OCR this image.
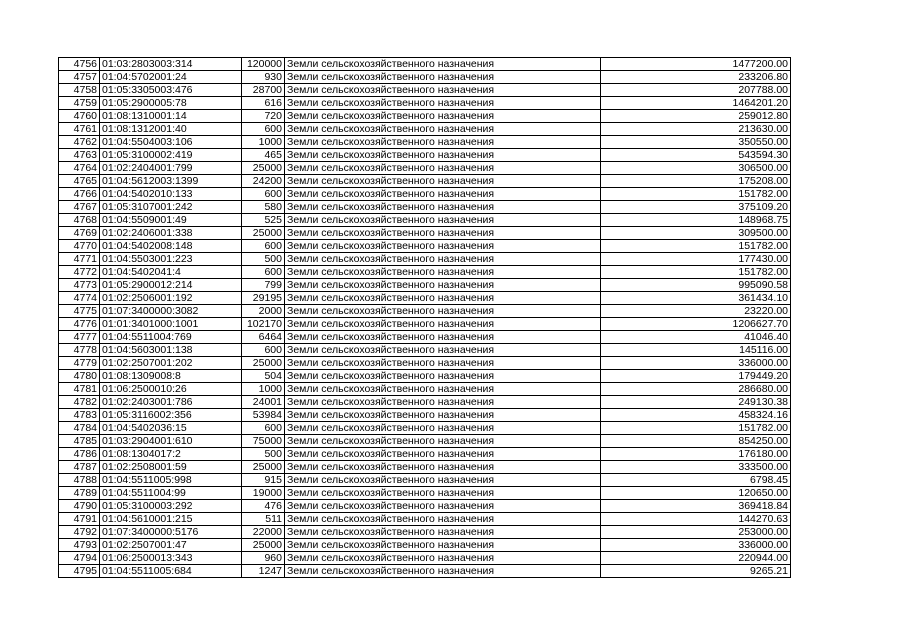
4756	01:03:2803003:314	120000	Земли сельскохозяйственного назначения	1477200.00
4757	01:04:5702001:24	930	Земли сельскохозяйственного назначения	233206.80
4758	01:05:3305003:476	28700	Земли сельскохозяйственного назначения	207788.00
4759	01:05:2900005:78	616	Земли сельскохозяйственного назначения	1464201.20
4760	01:08:1310001:14	720	Земли сельскохозяйственного назначения	259012.80
4761	01:08:1312001:40	600	Земли сельскохозяйственного назначения	213630.00
4762	01:04:5504003:106	1000	Земли сельскохозяйственного назначения	350550.00
4763	01:05:3100002:419	465	Земли сельскохозяйственного назначения	543594.30
4764	01:02:2404001:799	25000	Земли сельскохозяйственного назначения	306500.00
4765	01:04:5612003:1399	24200	Земли сельскохозяйственного назначения	175208.00
4766	01:04:5402010:133	600	Земли сельскохозяйственного назначения	151782.00
4767	01:05:3107001:242	580	Земли сельскохозяйственного назначения	375109.20
4768	01:04:5509001:49	525	Земли сельскохозяйственного назначения	148968.75
4769	01:02:2406001:338	25000	Земли сельскохозяйственного назначения	309500.00
4770	01:04:5402008:148	600	Земли сельскохозяйственного назначения	151782.00
4771	01:04:5503001:223	500	Земли сельскохозяйственного назначения	177430.00
4772	01:04:5402041:4	600	Земли сельскохозяйственного назначения	151782.00
4773	01:05:2900012:214	799	Земли сельскохозяйственного назначения	995090.58
4774	01:02:2506001:192	29195	Земли сельскохозяйственного назначения	361434.10
4775	01:07:3400000:3082	2000	Земли сельскохозяйственного назначения	23220.00
4776	01:01:3401000:1001	102170	Земли сельскохозяйственного назначения	1206627.70
4777	01:04:5511004:769	6464	Земли сельскохозяйственного назначения	41046.40
4778	01:04:5603001:138	600	Земли сельскохозяйственного назначения	145116.00
4779	01:02:2507001:202	25000	Земли сельскохозяйственного назначения	336000.00
4780	01:08:1309008:8	504	Земли сельскохозяйственного назначения	179449.20
4781	01:06:2500010:26	1000	Земли сельскохозяйственного назначения	286680.00
4782	01:02:2403001:786	24001	Земли сельскохозяйственного назначения	249130.38
4783	01:05:3116002:356	53984	Земли сельскохозяйственного назначения	458324.16
4784	01:04:5402036:15	600	Земли сельскохозяйственного назначения	151782.00
4785	01:03:2904001:610	75000	Земли сельскохозяйственного назначения	854250.00
4786	01:08:1304017:2	500	Земли сельскохозяйственного назначения	176180.00
4787	01:02:2508001:59	25000	Земли сельскохозяйственного назначения	333500.00
4788	01:04:5511005:998	915	Земли сельскохозяйственного назначения	6798.45
4789	01:04:5511004:99	19000	Земли сельскохозяйственного назначения	120650.00
4790	01:05:3100003:292	476	Земли сельскохозяйственного назначения	369418.84
4791	01:04:5610001:215	511	Земли сельскохозяйственного назначения	144270.63
4792	01:07:3400000:5176	22000	Земли сельскохозяйственного назначения	253000.00
4793	01:02:2507001:47	25000	Земли сельскохозяйственного назначения	336000.00
4794	01:06:2500013:343	960	Земли сельскохозяйственного назначения	220944.00
4795	01:04:5511005:684	1247	Земли сельскохозяйственного назначения	9265.21
